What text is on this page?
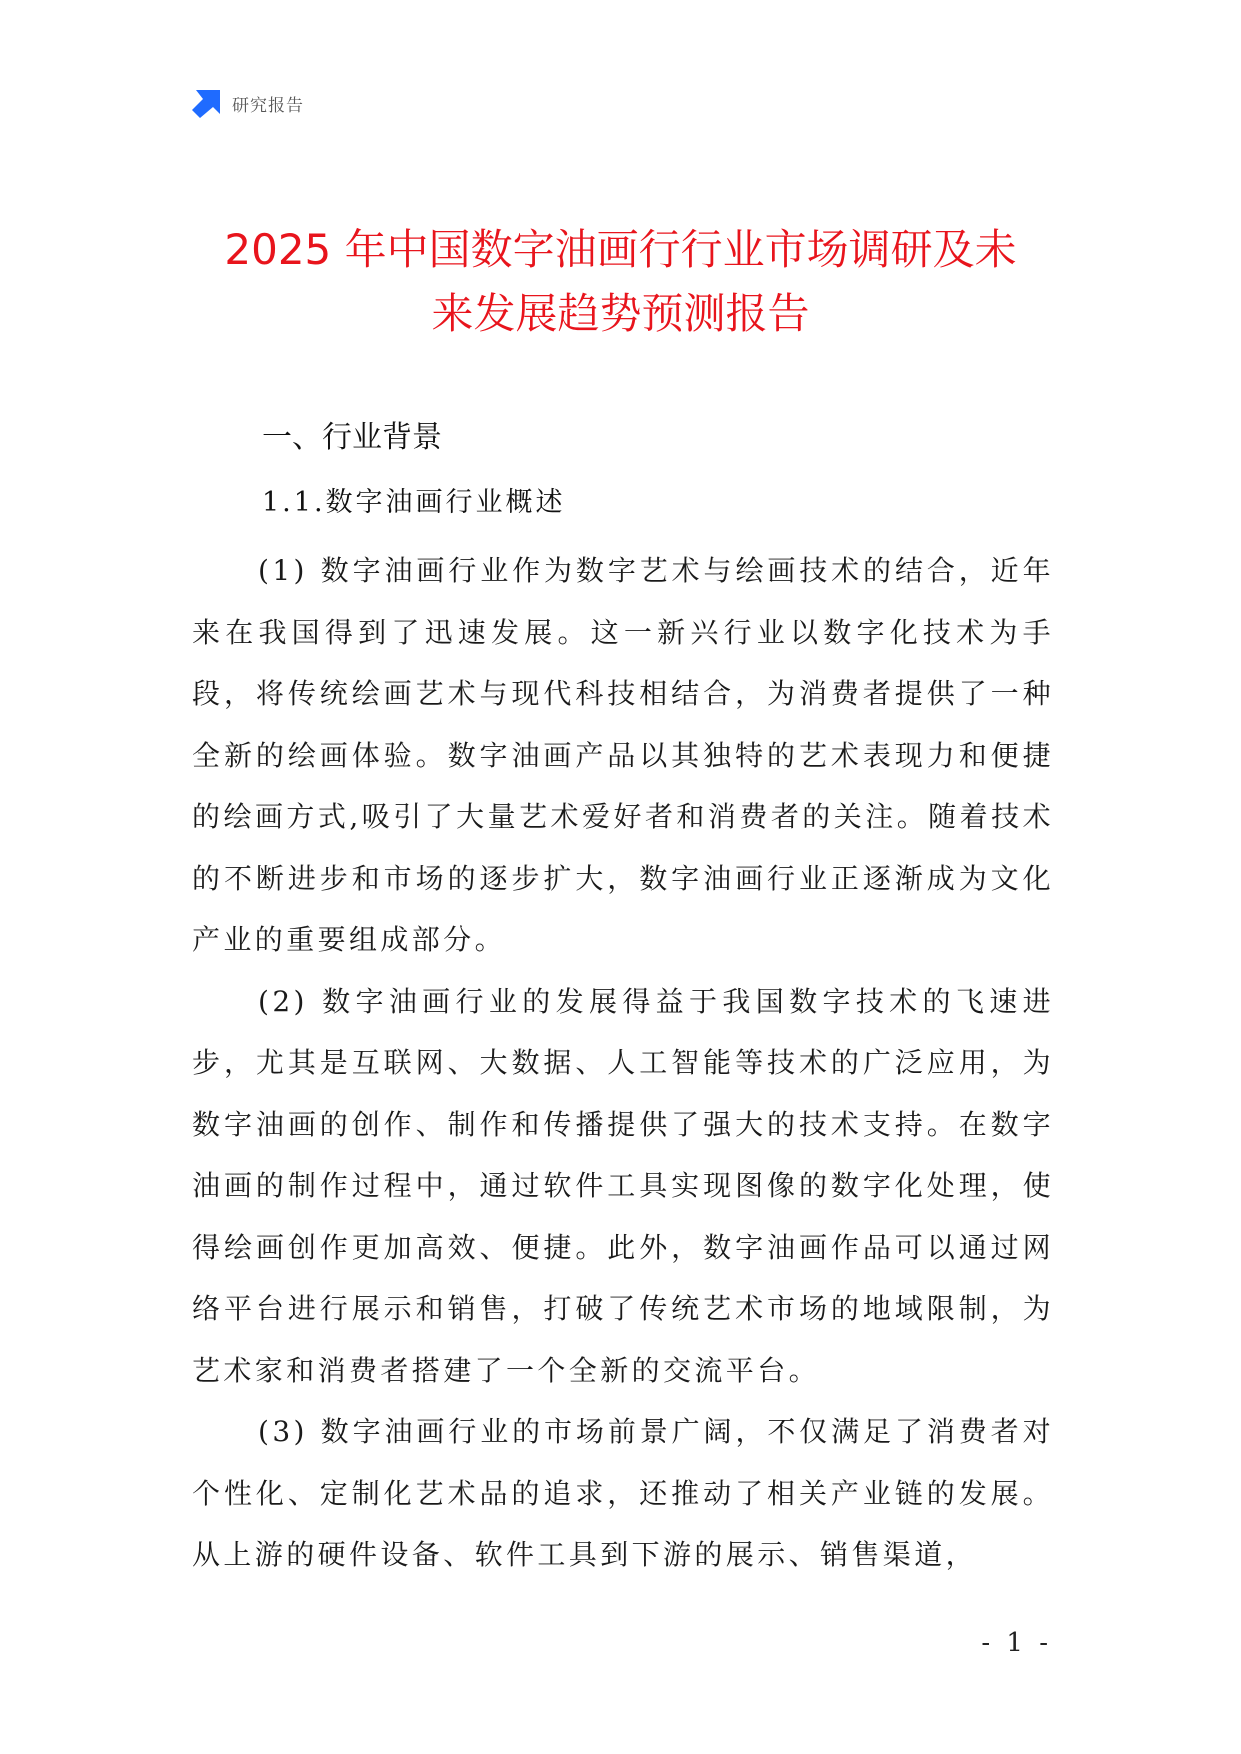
研究报告
2025 年中国数字油画行行业市场调研及未
来发展趋势预测报告
一、行业背景
1.1.数字油画行业概述

(1) 数字油画行业作为数字艺术与绘画技术的结合，近年来在我国得到了迅速发展。这一新兴行业以数字化技术为手段，将传统绘画艺术与现代科技相结合，为消费者提供了一种全新的绘画体验。数字油画产品以其独特的艺术表现力和便捷的绘画方式,吸引了大量艺术爱好者和消费者的关注。随着技术的不断进步和市场的逐步扩大，数字油画行业正逐渐成为文化产业的重要组成部分。

(2) 数字油画行业的发展得益于我国数字技术的飞速进步，尤其是互联网、大数据、人工智能等技术的广泛应用，为数字油画的创作、制作和传播提供了强大的技术支持。在数字油画的制作过程中，通过软件工具实现图像的数字化处理，使得绘画创作更加高效、便捷。此外，数字油画作品可以通过网络平台进行展示和销售，打破了传统艺术市场的地域限制，为艺术家和消费者搭建了一个全新的交流平台。

(3) 数字油画行业的市场前景广阔，不仅满足了消费者对个性化、定制化艺术品的追求，还推动了相关产业链的发展。从上游的硬件设备、软件工具到下游的展示、销售渠道，

- 1 -
